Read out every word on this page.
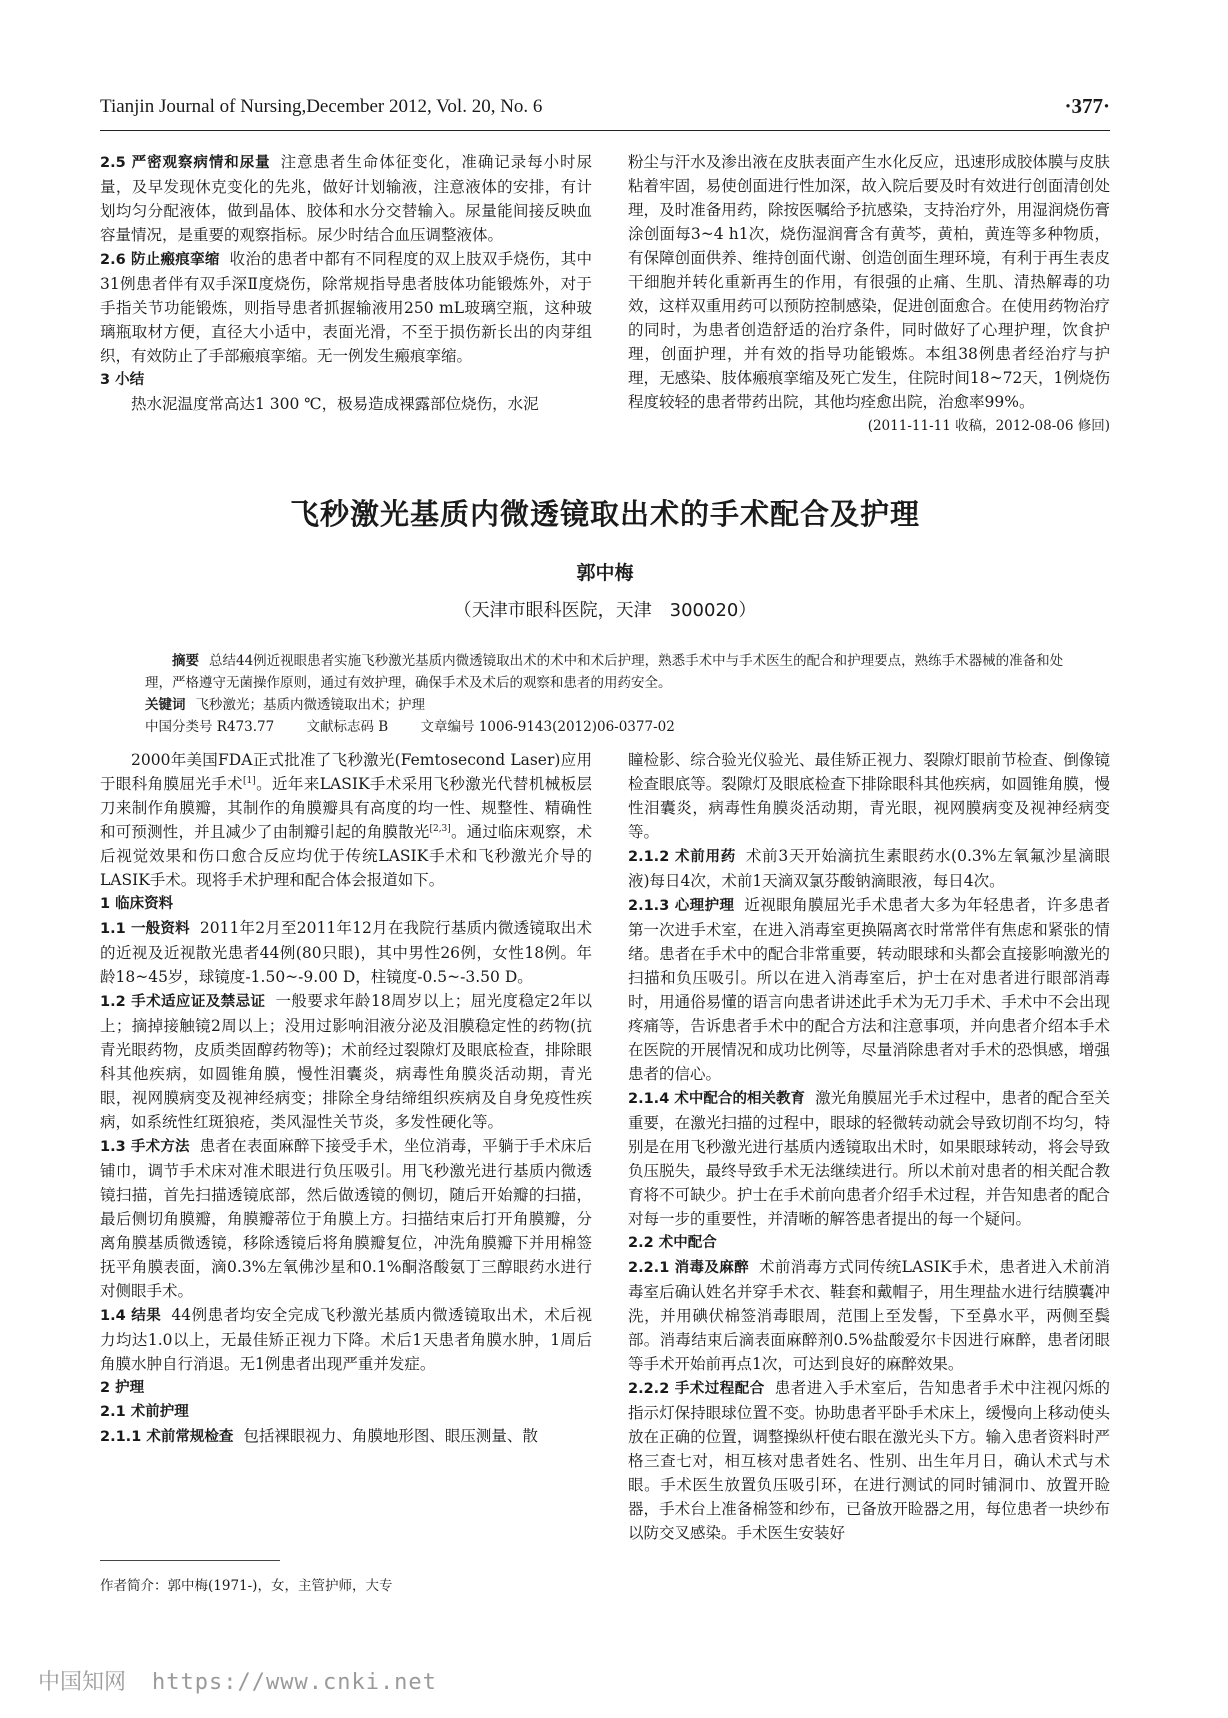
Tianjin Journal of Nursing,December 2012, Vol. 20, No. 6	·377·

2.5 严密观察病情和尿量 注意患者生命体征变化，准确记录每小时尿量，及早发现休克变化的先兆，做好计划输液，注意液体的安排，有计划均匀分配液体，做到晶体、胶体和水分交替输入。尿量能间接反映血容量情况，是重要的观察指标。尿少时结合血压调整液体。

2.6 防止瘢痕挛缩 收治的患者中都有不同程度的双上肢双手烧伤，其中31例患者伴有双手深Ⅱ度烧伤，除常规指导患者肢体功能锻炼外，对于手指关节功能锻炼，则指导患者抓握输液用250 mL玻璃空瓶，这种玻璃瓶取材方便，直径大小适中，表面光滑，不至于损伤新长出的肉芽组织，有效防止了手部瘢痕挛缩。无一例发生瘢痕挛缩。

3 小结

热水泥温度常高达1 300 ℃，极易造成裸露部位烧伤，水泥

粉尘与汗水及渗出液在皮肤表面产生水化反应，迅速形成胶体膜与皮肤粘着牢固，易使创面进行性加深，故入院后要及时有效进行创面清创处理，及时准备用药，除按医嘱给予抗感染，支持治疗外，用湿润烧伤膏涂创面每3~4 h1次，烧伤湿润膏含有黄芩，黄柏，黄连等多种物质，有保障创面供养、维持创面代谢、创造创面生理环境，有利于再生表皮干细胞并转化重新再生的作用，有很强的止痛、生肌、清热解毒的功效，这样双重用药可以预防控制感染，促进创面愈合。在使用药物治疗的同时，为患者创造舒适的治疗条件，同时做好了心理护理，饮食护理，创面护理，并有效的指导功能锻炼。本组38例患者经治疗与护理，无感染、肢体瘢痕挛缩及死亡发生，住院时间18~72天，1例烧伤程度较轻的患者带药出院，其他均痊愈出院，治愈率99%。

(2011-11-11 收稿，2012-08-06 修回)

飞秒激光基质内微透镜取出术的手术配合及护理
郭中梅
（天津市眼科医院，天津　300020）

摘要 总结44例近视眼患者实施飞秒激光基质内微透镜取出术的术中和术后护理，熟悉手术中与手术医生的配合和护理要点，熟练手术器械的准备和处理，严格遵守无菌操作原则，通过有效护理，确保手术及术后的观察和患者的用药安全。

关键词 飞秒激光；基质内微透镜取出术；护理

中国分类号 R473.77 文献标志码 B 文章编号 1006-9143(2012)06-0377-02

2000年美国FDA正式批准了飞秒激光(Femtosecond Laser)应用于眼科角膜屈光手术[1]。近年来LASIK手术采用飞秒激光代替机械板层刀来制作角膜瓣，其制作的角膜瓣具有高度的均一性、规整性、精确性和可预测性，并且减少了由制瓣引起的角膜散光[2,3]。通过临床观察，术后视觉效果和伤口愈合反应均优于传统LASIK手术和飞秒激光介导的LASIK手术。现将手术护理和配合体会报道如下。

1 临床资料

1.1 一般资料 2011年2月至2011年12月在我院行基质内微透镜取出术的近视及近视散光患者44例(80只眼)，其中男性26例，女性18例。年龄18~45岁，球镜度-1.50~-9.00 D，柱镜度-0.5~-3.50 D。

1.2 手术适应证及禁忌证 一般要求年龄18周岁以上；屈光度稳定2年以上；摘掉接触镜2周以上；没用过影响泪液分泌及泪膜稳定性的药物(抗青光眼药物，皮质类固醇药物等)；术前经过裂隙灯及眼底检查，排除眼科其他疾病，如圆锥角膜，慢性泪囊炎，病毒性角膜炎活动期，青光眼，视网膜病变及视神经病变；排除全身结缔组织疾病及自身免疫性疾病，如系统性红斑狼疮，类风湿性关节炎，多发性硬化等。

1.3 手术方法 患者在表面麻醉下接受手术，坐位消毒，平躺于手术床后铺巾，调节手术床对准术眼进行负压吸引。用飞秒激光进行基质内微透镜扫描，首先扫描透镜底部，然后做透镜的侧切，随后开始瓣的扫描，最后侧切角膜瓣，角膜瓣蒂位于角膜上方。扫描结束后打开角膜瓣，分离角膜基质微透镜，移除透镜后将角膜瓣复位，冲洗角膜瓣下并用棉签抚平角膜表面，滴0.3%左氧佛沙星和0.1%酮洛酸氨丁三醇眼药水进行对侧眼手术。

1.4 结果 44例患者均安全完成飞秒激光基质内微透镜取出术，术后视力均达1.0以上，无最佳矫正视力下降。术后1天患者角膜水肿，1周后角膜水肿自行消退。无1例患者出现严重并发症。

2 护理

2.1 术前护理

2.1.1 术前常规检查 包括裸眼视力、角膜地形图、眼压测量、散

瞳检影、综合验光仪验光、最佳矫正视力、裂隙灯眼前节检查、倒像镜检查眼底等。裂隙灯及眼底检查下排除眼科其他疾病，如圆锥角膜，慢性泪囊炎，病毒性角膜炎活动期，青光眼，视网膜病变及视神经病变等。

2.1.2 术前用药 术前3天开始滴抗生素眼药水(0.3%左氧氟沙星滴眼液)每日4次，术前1天滴双氯芬酸钠滴眼液，每日4次。

2.1.3 心理护理 近视眼角膜屈光手术患者大多为年轻患者，许多患者第一次进手术室，在进入消毒室更换隔离衣时常常伴有焦虑和紧张的情绪。患者在手术中的配合非常重要，转动眼球和头都会直接影响激光的扫描和负压吸引。所以在进入消毒室后，护士在对患者进行眼部消毒时，用通俗易懂的语言向患者讲述此手术为无刀手术、手术中不会出现疼痛等，告诉患者手术中的配合方法和注意事项，并向患者介绍本手术在医院的开展情况和成功比例等，尽量消除患者对手术的恐惧感，增强患者的信心。

2.1.4 术中配合的相关教育 激光角膜屈光手术过程中，患者的配合至关重要，在激光扫描的过程中，眼球的轻微转动就会导致切削不均匀，特别是在用飞秒激光进行基质内透镜取出术时，如果眼球转动，将会导致负压脱失，最终导致手术无法继续进行。所以术前对患者的相关配合教育将不可缺少。护士在手术前向患者介绍手术过程，并告知患者的配合对每一步的重要性，并清晰的解答患者提出的每一个疑问。

2.2 术中配合

2.2.1 消毒及麻醉 术前消毒方式同传统LASIK手术，患者进入术前消毒室后确认姓名并穿手术衣、鞋套和戴帽子，用生理盐水进行结膜囊冲洗，并用碘伏棉签消毒眼周，范围上至发髻，下至鼻水平，两侧至鬓部。消毒结束后滴表面麻醉剂0.5%盐酸爱尔卡因进行麻醉，患者闭眼等手术开始前再点1次，可达到良好的麻醉效果。

2.2.2 手术过程配合 患者进入手术室后，告知患者手术中注视闪烁的指示灯保持眼球位置不变。协助患者平卧手术床上，缓慢向上移动使头放在正确的位置，调整操纵杆使右眼在激光头下方。输入患者资料时严格三查七对，相互核对患者姓名、性别、出生年月日，确认术式与术眼。手术医生放置负压吸引环，在进行测试的同时铺洞巾、放置开睑器，手术台上准备棉签和纱布，已备放开睑器之用，每位患者一块纱布以防交叉感染。手术医生安装好

作者简介：郭中梅(1971-)，女，主管护师，大专
中国知网 https://www.cnki.net
